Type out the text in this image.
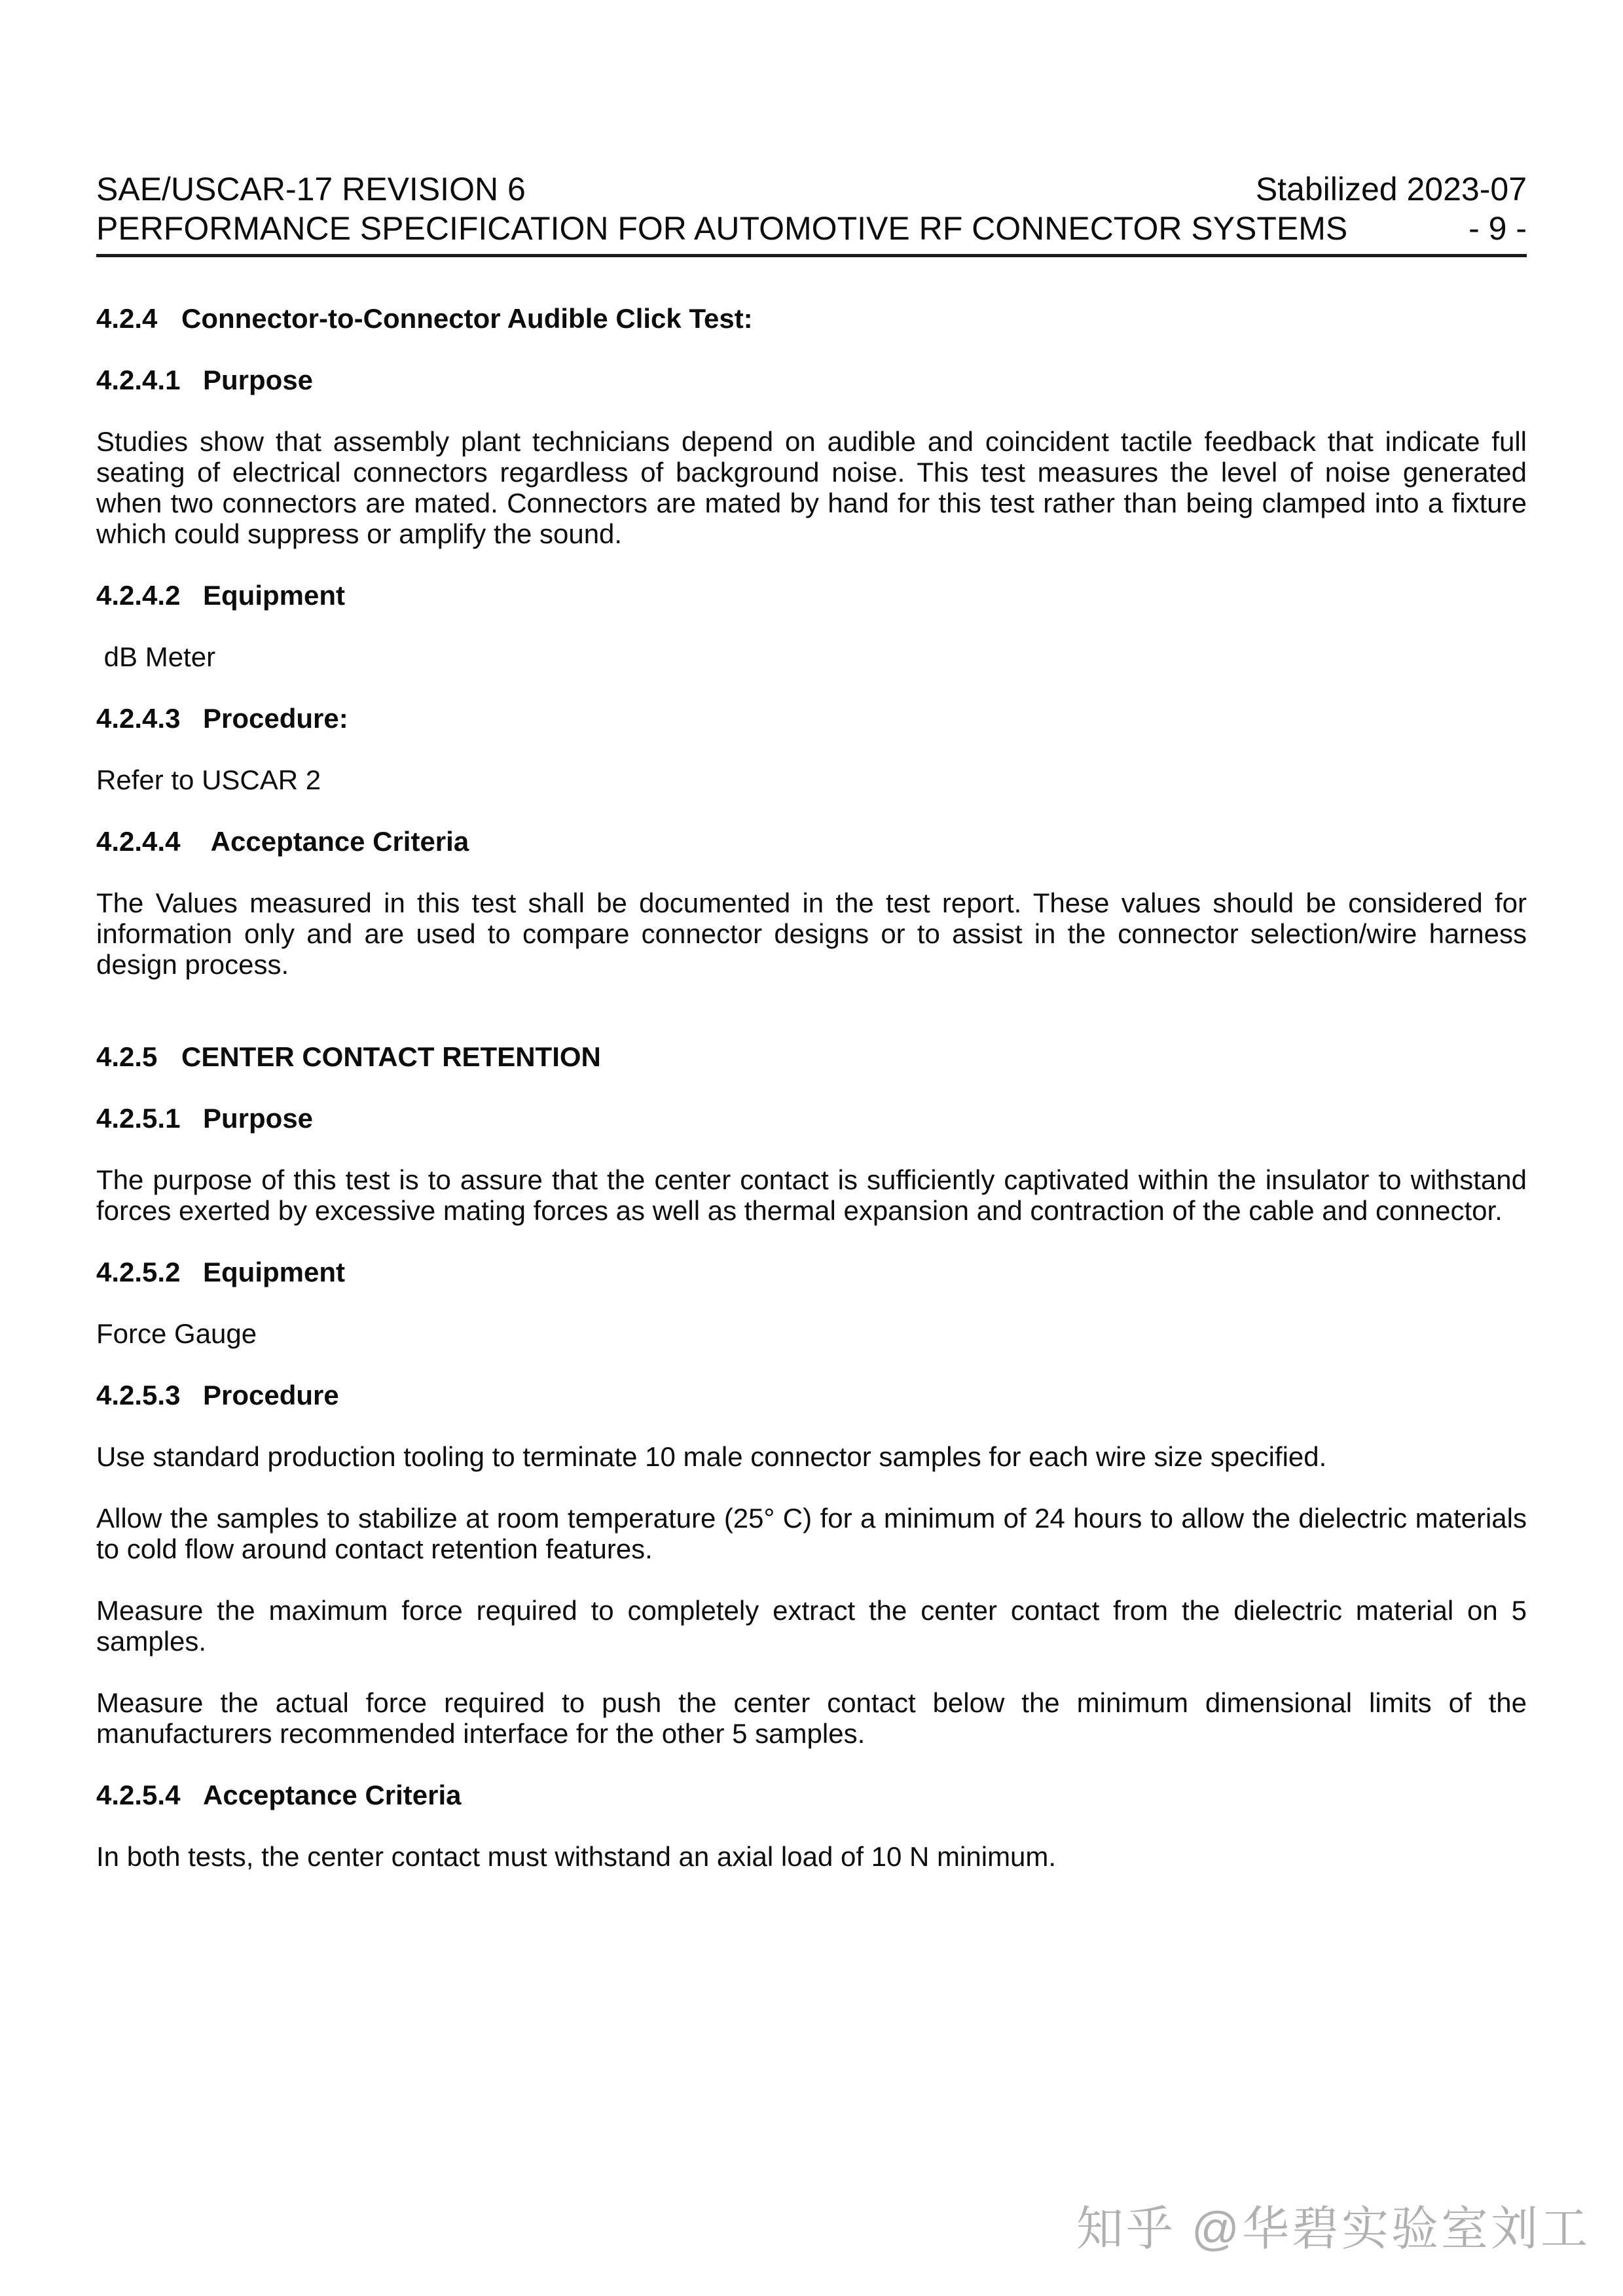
SAE/USCAR-17 REVISION 6	Stabilized 2023-07
PERFORMANCE SPECIFICATION FOR AUTOMOTIVE RF CONNECTOR SYSTEMS	- 9 -

4.2.4 Connector-to-Connector Audible Click Test:

4.2.4.1 Purpose

Studies show that assembly plant technicians depend on audible and coincident tactile feedback that indicate full seating of electrical connectors regardless of background noise. This test measures the level of noise generated when two connectors are mated. Connectors are mated by hand for this test rather than being clamped into a fixture which could suppress or amplify the sound.

4.2.4.2 Equipment

dB Meter

4.2.4.3 Procedure:

Refer to USCAR 2

4.2.4.4 Acceptance Criteria

The Values measured in this test shall be documented in the test report. These values should be considered for information only and are used to compare connector designs or to assist in the connector selection/wire harness design process.

4.2.5 CENTER CONTACT RETENTION

4.2.5.1 Purpose

The purpose of this test is to assure that the center contact is sufficiently captivated within the insulator to withstand forces exerted by excessive mating forces as well as thermal expansion and contraction of the cable and connector.

4.2.5.2 Equipment

Force Gauge

4.2.5.3 Procedure

Use standard production tooling to terminate 10 male connector samples for each wire size specified.

Allow the samples to stabilize at room temperature (25° C) for a minimum of 24 hours to allow the dielectric materials to cold flow around contact retention features.

Measure the maximum force required to completely extract the center contact from the dielectric material on 5 samples.

Measure the actual force required to push the center contact below the minimum dimensional limits of the manufacturers recommended interface for the other 5 samples.

4.2.5.4 Acceptance Criteria

In both tests, the center contact must withstand an axial load of 10 N minimum.

知乎 @华碧实验室刘工
